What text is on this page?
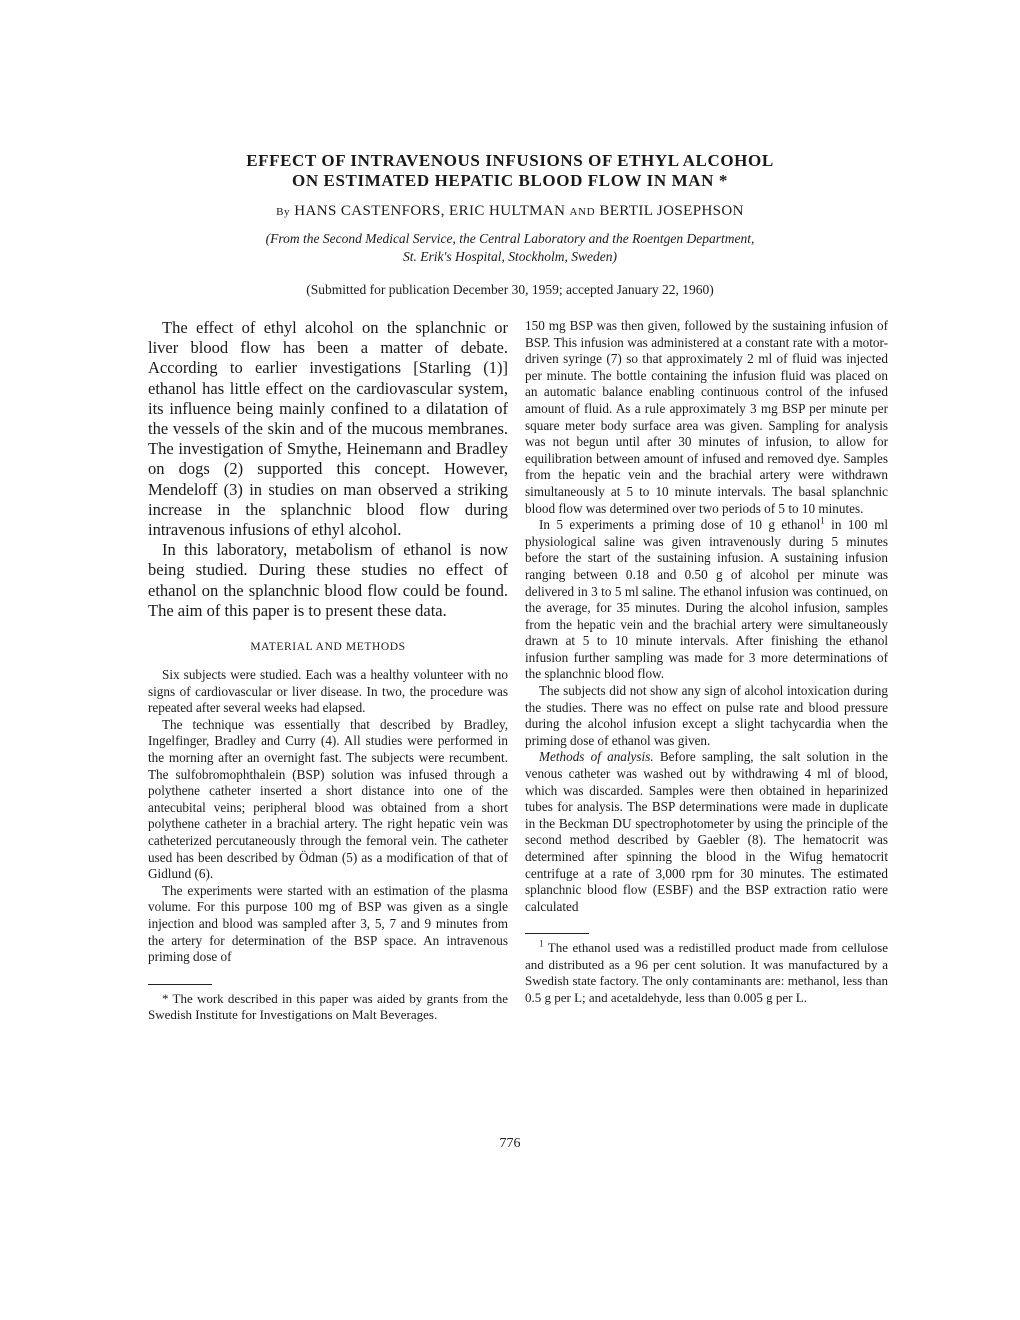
EFFECT OF INTRAVENOUS INFUSIONS OF ETHYL ALCOHOL
ON ESTIMATED HEPATIC BLOOD FLOW IN MAN *
By HANS CASTENFORS, ERIC HULTMAN AND BERTIL JOSEPHSON
(From the Second Medical Service, the Central Laboratory and the Roentgen Department,
St. Erik's Hospital, Stockholm, Sweden)
(Submitted for publication December 30, 1959; accepted January 22, 1960)

The effect of ethyl alcohol on the splanchnic or liver blood flow has been a matter of debate. According to earlier investigations [Starling (1)] ethanol has little effect on the cardiovascular system, its influence being mainly confined to a dilatation of the vessels of the skin and of the mucous membranes. The investigation of Smythe, Heinemann and Bradley on dogs (2) supported this concept. However, Mendeloff (3) in studies on man observed a striking increase in the splanchnic blood flow during intravenous infusions of ethyl alcohol.

In this laboratory, metabolism of ethanol is now being studied. During these studies no effect of ethanol on the splanchnic blood flow could be found. The aim of this paper is to present these data.

MATERIAL AND METHODS

Six subjects were studied. Each was a healthy volunteer with no signs of cardiovascular or liver disease. In two, the procedure was repeated after several weeks had elapsed.

The technique was essentially that described by Bradley, Ingelfinger, Bradley and Curry (4). All studies were performed in the morning after an overnight fast. The subjects were recumbent. The sulfobromophthalein (BSP) solution was infused through a polythene catheter inserted a short distance into one of the antecubital veins; peripheral blood was obtained from a short polythene catheter in a brachial artery. The right hepatic vein was catheterized percutaneously through the femoral vein. The catheter used has been described by Ödman (5) as a modification of that of Gidlund (6).

The experiments were started with an estimation of the plasma volume. For this purpose 100 mg of BSP was given as a single injection and blood was sampled after 3, 5, 7 and 9 minutes from the artery for determination of the BSP space. An intravenous priming dose of

* The work described in this paper was aided by grants from the Swedish Institute for Investigations on Malt Beverages.

150 mg BSP was then given, followed by the sustaining infusion of BSP. This infusion was administered at a constant rate with a motor-driven syringe (7) so that approximately 2 ml of fluid was injected per minute. The bottle containing the infusion fluid was placed on an automatic balance enabling continuous control of the infused amount of fluid. As a rule approximately 3 mg BSP per minute per square meter body surface area was given. Sampling for analysis was not begun until after 30 minutes of infusion, to allow for equilibration between amount of infused and removed dye. Samples from the hepatic vein and the brachial artery were withdrawn simultaneously at 5 to 10 minute intervals. The basal splanchnic blood flow was determined over two periods of 5 to 10 minutes.

In 5 experiments a priming dose of 10 g ethanol$^1$ in 100 ml physiological saline was given intravenously during 5 minutes before the start of the sustaining infusion. A sustaining infusion ranging between 0.18 and 0.50 g of alcohol per minute was delivered in 3 to 5 ml saline. The ethanol infusion was continued, on the average, for 35 minutes. During the alcohol infusion, samples from the hepatic vein and the brachial artery were simultaneously drawn at 5 to 10 minute intervals. After finishing the ethanol infusion further sampling was made for 3 more determinations of the splanchnic blood flow.

The subjects did not show any sign of alcohol intoxication during the studies. There was no effect on pulse rate and blood pressure during the alcohol infusion except a slight tachycardia when the priming dose of ethanol was given.

Methods of analysis. Before sampling, the salt solution in the venous catheter was washed out by withdrawing 4 ml of blood, which was discarded. Samples were then obtained in heparinized tubes for analysis. The BSP determinations were made in duplicate in the Beckman DU spectrophotometer by using the principle of the second method described by Gaebler (8). The hematocrit was determined after spinning the blood in the Wifug hematocrit centrifuge at a rate of 3,000 rpm for 30 minutes. The estimated splanchnic blood flow (ESBF) and the BSP extraction ratio were calculated

$^1$ The ethanol used was a redistilled product made from cellulose and distributed as a 96 per cent solution. It was manufactured by a Swedish state factory. The only contaminants are: methanol, less than 0.5 g per L; and acetaldehyde, less than 0.005 g per L.

776
